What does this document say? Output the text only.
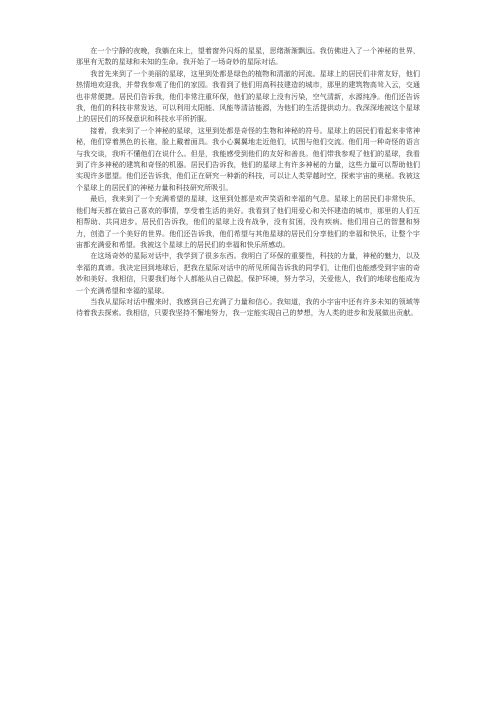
在一个宁静的夜晚，我躺在床上，望着窗外闪烁的星星，思绪渐渐飘远。我仿佛进入了一个神秘的世界，那里有无数的星球和未知的生命。我开始了一场奇妙的星际对话。

我首先来到了一个美丽的星球，这里到处都是绿色的植物和清澈的河流。星球上的居民们非常友好，他们热情地欢迎我，并带我参观了他们的家园。我看到了他们用高科技建造的城市，那里的建筑物高耸入云，交通也非常便捷。居民们告诉我，他们非常注重环保，他们的星球上没有污染，空气清新，水源纯净。他们还告诉我，他们的科技非常发达，可以利用太阳能、风能等清洁能源，为他们的生活提供动力。我深深地被这个星球上的居民们的环保意识和科技水平所折服。

接着，我来到了一个神秘的星球，这里到处都是奇怪的生物和神秘的符号。星球上的居民们看起来非常神秘，他们穿着黑色的长袍，脸上戴着面具。我小心翼翼地走近他们，试图与他们交流。他们用一种奇怪的语言与我交谈，我听不懂他们在说什么。但是，我能感受到他们的友好和善良。他们带我参观了他们的星球，我看到了许多神秘的建筑和奇怪的机器。居民们告诉我，他们的星球上有许多神秘的力量，这些力量可以帮助他们实现许多愿望。他们还告诉我，他们正在研究一种新的科技，可以让人类穿越时空，探索宇宙的奥秘。我被这个星球上的居民们的神秘力量和科技研究所吸引。

最后，我来到了一个充满希望的星球，这里到处都是欢声笑语和幸福的气息。星球上的居民们非常快乐，他们每天都在做自己喜欢的事情，享受着生活的美好。我看到了他们用爱心和关怀建造的城市，那里的人们互相帮助、共同进步。居民们告诉我，他们的星球上没有战争，没有贫困，没有疾病。他们用自己的智慧和努力，创造了一个美好的世界。他们还告诉我，他们希望与其他星球的居民们分享他们的幸福和快乐，让整个宇宙都充满爱和希望。我被这个星球上的居民们的幸福和快乐所感动。

在这场奇妙的星际对话中，我学到了很多东西。我明白了环保的重要性，科技的力量，神秘的魅力，以及幸福的真谛。我决定回到地球后，把我在星际对话中的所见所闻告诉我的同学们，让他们也能感受到宇宙的奇妙和美好。我相信，只要我们每个人都能从自己做起，保护环境，努力学习，关爱他人，我们的地球也能成为一个充满希望和幸福的星球。

当我从星际对话中醒来时，我感到自己充满了力量和信心。我知道，我的小宇宙中还有许多未知的领域等待着我去探索。我相信，只要我坚持不懈地努力，我一定能实现自己的梦想，为人类的进步和发展做出贡献。
